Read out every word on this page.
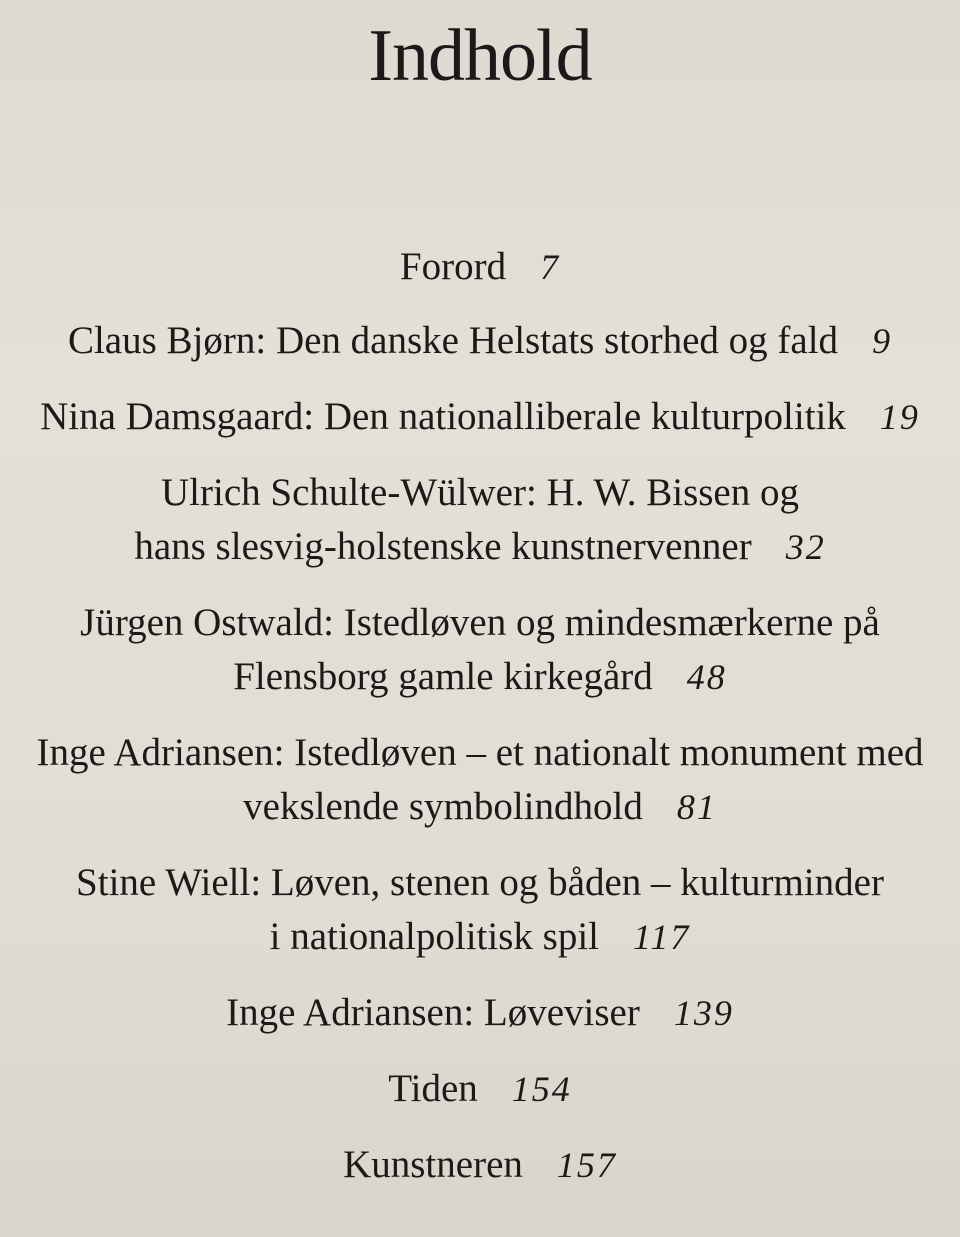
Indhold
Forord 7
Claus Bjørn: Den danske Helstats storhed og fald 9
Nina Damsgaard: Den nationalliberale kulturpolitik 19
Ulrich Schulte-Wülwer: H. W. Bissen og
hans slesvig-holstenske kunstnervenner 32
Jürgen Ostwald: Istedløven og mindesmærkerne på
Flensborg gamle kirkegård 48
Inge Adriansen: Istedløven – et nationalt monument med
vekslende symbolindhold 81
Stine Wiell: Løven, stenen og båden – kulturminder
i nationalpolitisk spil 117
Inge Adriansen: Løveviser 139
Tiden 154
Kunstneren 157
